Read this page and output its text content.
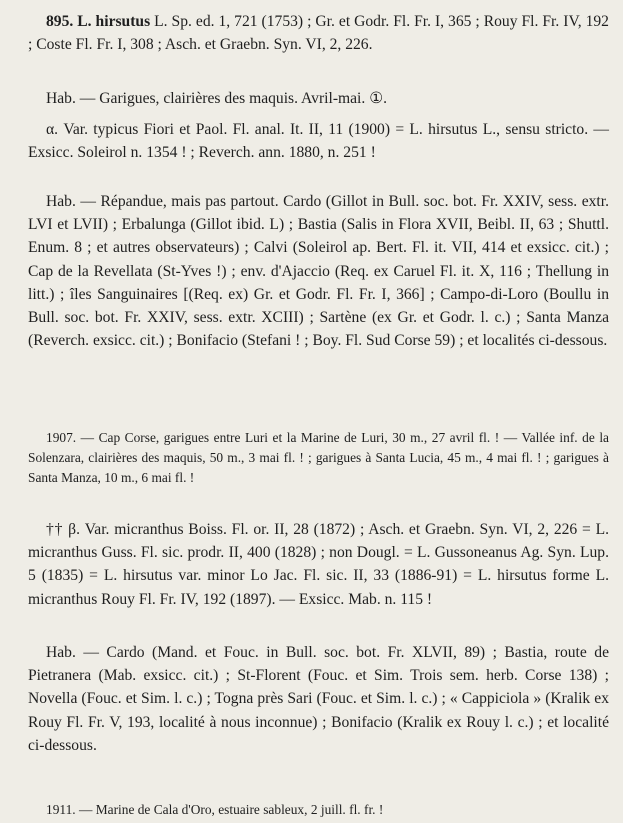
895. L. hirsutus L. Sp. ed. 1, 721 (1753) ; Gr. et Godr. Fl. Fr. I, 365 ; Rouy Fl. Fr. IV, 192 ; Coste Fl. Fr. I, 308 ; Asch. et Graebn. Syn. VI, 2, 226.

Hab. — Garigues, clairières des maquis. Avril-mai. ①.

α. Var. typicus Fiori et Paol. Fl. anal. It. II, 11 (1900) = L. hirsutus L., sensu stricto. — Exsicc. Soleirol n. 1354 ! ; Reverch. ann. 1880, n. 251 !

Hab. — Répandue, mais pas partout. Cardo (Gillot in Bull. soc. bot. Fr. XXIV, sess. extr. LVI et LVII) ; Erbalunga (Gillot ibid. L) ; Bastia (Salis in Flora XVII, Beibl. II, 63 ; Shuttl. Enum. 8 ; et autres observateurs) ; Calvi (Soleirol ap. Bert. Fl. it. VII, 414 et exsicc. cit.) ; Cap de la Revellata (St-Yves !) ; env. d'Ajaccio (Req. ex Caruel Fl. it. X, 116 ; Thellung in litt.) ; îles Sanguinaires [(Req. ex) Gr. et Godr. Fl. Fr. I, 366] ; Campo-di-Loro (Boullu in Bull. soc. bot. Fr. XXIV, sess. extr. XCIII) ; Sartène (ex Gr. et Godr. l. c.) ; Santa Manza (Reverch. exsicc. cit.) ; Bonifacio (Stefani ! ; Boy. Fl. Sud Corse 59) ; et localités ci-dessous.

1907. — Cap Corse, garigues entre Luri et la Marine de Luri, 30 m., 27 avril fl. ! — Vallée inf. de la Solenzara, clairières des maquis, 50 m., 3 mai fl. ! ; garigues à Santa Lucia, 45 m., 4 mai fl. ! ; garigues à Santa Manza, 10 m., 6 mai fl. !

†† β. Var. micranthus Boiss. Fl. or. II, 28 (1872) ; Asch. et Graebn. Syn. VI, 2, 226 = L. micranthus Guss. Fl. sic. prodr. II, 400 (1828) ; non Dougl. = L. Gussoneanus Ag. Syn. Lup. 5 (1835) = L. hirsutus var. minor Lo Jac. Fl. sic. II, 33 (1886-91) = L. hirsutus forme L. micranthus Rouy Fl. Fr. IV, 192 (1897). — Exsicc. Mab. n. 115 !

Hab. — Cardo (Mand. et Fouc. in Bull. soc. bot. Fr. XLVII, 89) ; Bastia, route de Pietranera (Mab. exsicc. cit.) ; St-Florent (Fouc. et Sim. Trois sem. herb. Corse 138) ; Novella (Fouc. et Sim. l. c.) ; Togna près Sari (Fouc. et Sim. l. c.) ; « Cappiciola » (Kralik ex Rouy Fl. Fr. V, 193, localité à nous inconnue) ; Bonifacio (Kralik ex Rouy l. c.) ; et localité ci-dessous.

1911. — Marine de Cala d'Oro, estuaire sableux, 2 juill. fl. fr. !
